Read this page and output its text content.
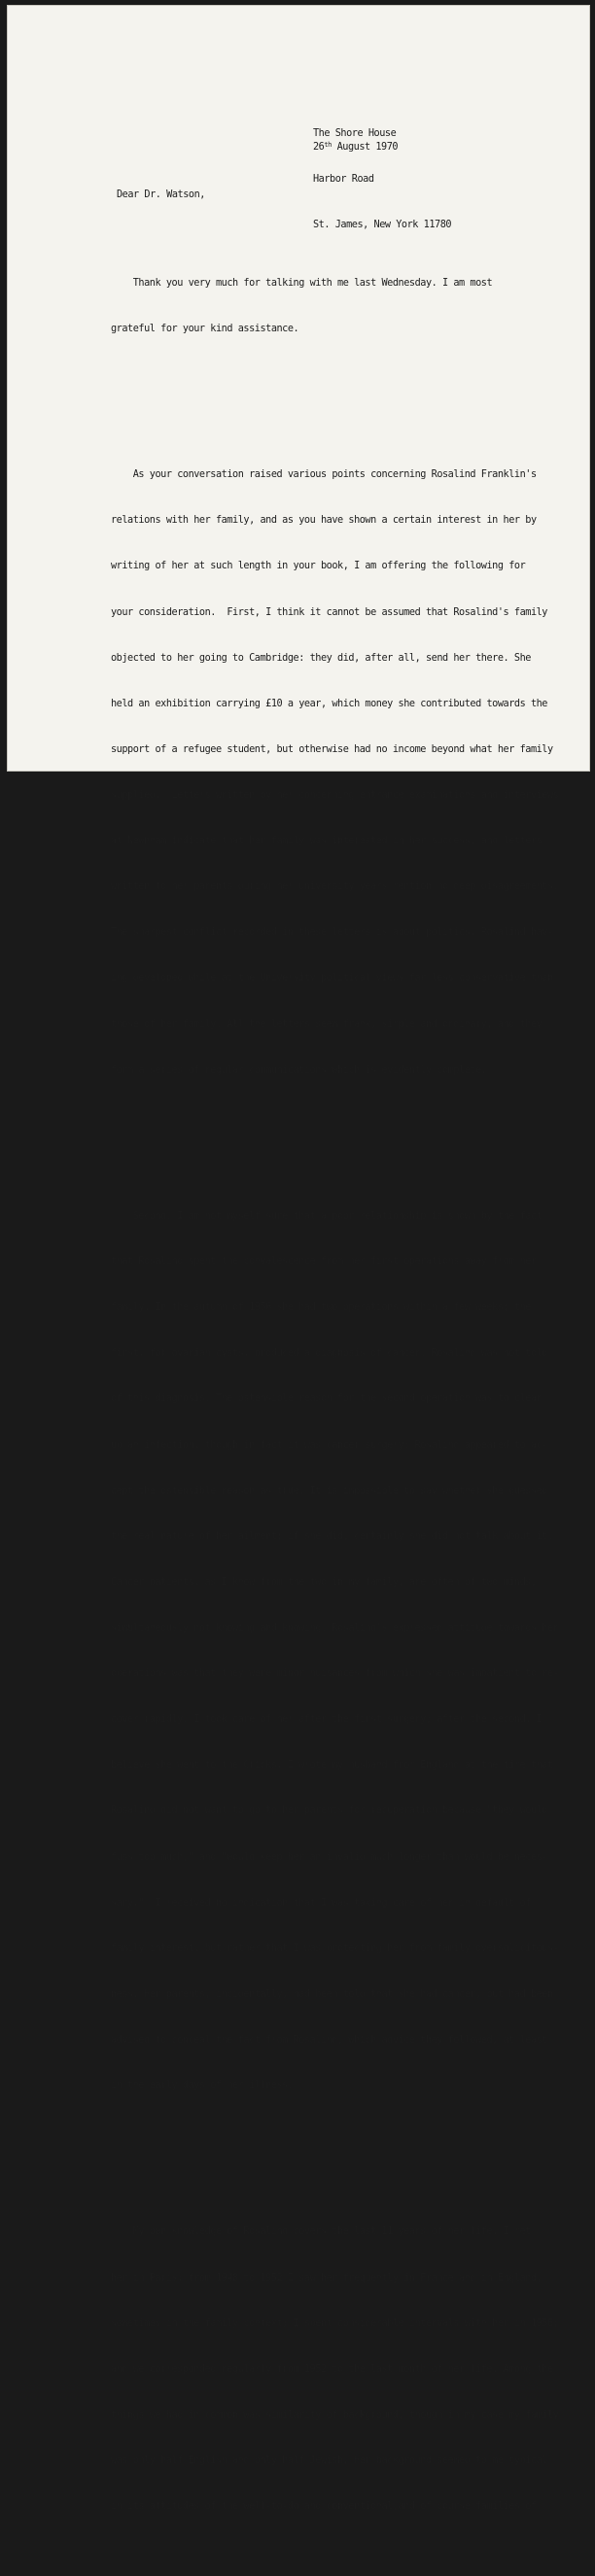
The Shore House

Harbor Road

St. James, New York 11780

26th August 1970
Dear Dr. Watson,

Thank you very much for talking with me last Wednesday. I am most

grateful for your kind assistance.

As your conversation raised various points concerning Rosalind Franklin's

relations with her family, and as you have shown a certain interest in her by

writing of her at such length in your book, I am offering the following for

your consideration.  First, I think it cannot be assumed that Rosalind's family

objected to her going to Cambridge: they did, after all, send her there. She

held an exhibition carrying £10 a year, which money she contributed towards the

support of a refugee student, but otherwise had no income beyond what her family

supplied.  Letters written by her concerning entrance examinations and interviews

at Newnham indicate that her family was interested in her success, and letters

written to her parents during her university years mention no deep disagreements.

The sharpest conflict recorded in these letters is about politics, Rosalind hav-

ing developed while at the University political views far less conservative than

those of her family. All the letters seem frank, simple and ordinary, and they

form a series of regular communications which is evidently complete.

Second, I am not myself sure that a poor relationship is shown by the fact

that Rosalind spent the convalescence from her first operations away from her

family. In the autumn of 1956 she had two operations within a few weeks; the

first, for ovarian cysts, produced a diagnosis of cancer. Rosalind was not told

of this diagnosis. The ostensible reason for the second operation was to clear

up an infection, though in fact it was cancer surgery: Rosalind appeared to ac-

cept the ostensible reason as true. It is impossible to say whether she guessed

the real nature of her ailment; if she did, certainly she did not talk about it.

Cancer patients, as I know from the two in my family, are often of two minds,

simultaneously not knowing and knowing. Rosalind's expressed attitude towards her

operations was that they were minor nuisances from which she was impatient to re-

cover rapidly. I took care of her after the first surgery; after the second, I

believe she went to the Cricks. I wrote my husband from England at the time that

Rosalind did not want to go to her parents for recuperation because "they would

fuss too much," and "would keep her an invalid much longer than would be neces-

sary."  I received no indication that I was taking care of her in default of

family interest, but rather that I was protecting her from family oversolicitous-

ness. Her parents, incidentally, had been told that she had cancer, but had been

advised to conceal the fact from Rosalind, which advice they followed, at least

in the early days of her illness.

My own knowledge of Rosalind covers the last 11 years of her life. I met

her in Paris; from 1948 to 1952 I saw her frequently in France and in England,

sometimes in the family context; I spent considerable intervals with her in 1956;

and we corresponded regularly from 1952 to the last month of her life. Among the

things we had in common was similarity of background, though in my case my family

was only half English and only half Jewish. Her background seemed to me typical

in its attitudes of the well-to-do and conventional,and of course families of
